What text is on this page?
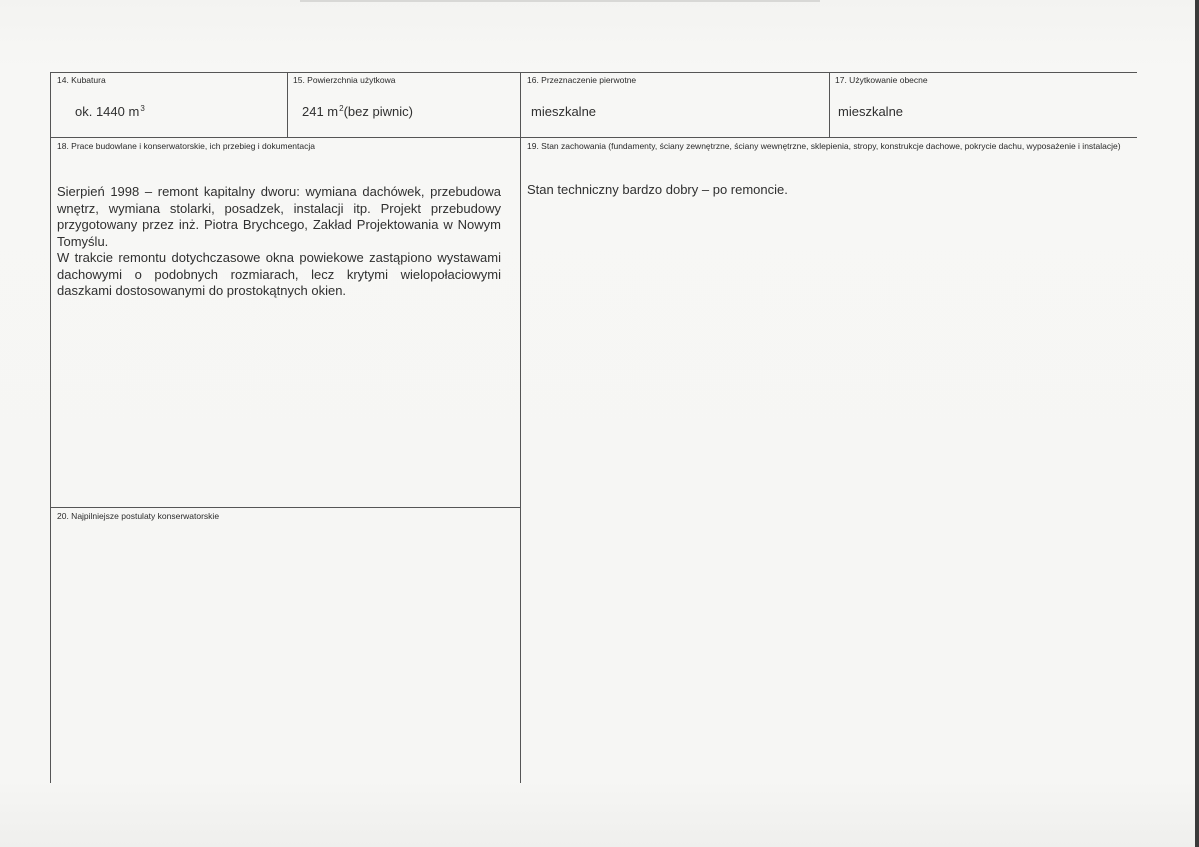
14. Kubatura
ok. 1440 $m^3$
15. Powierzchnia użytkowa
241 $m^2(bez$ piwnic)
16. Przeznaczenie pierwotne
mieszkalne
17. Użytkowanie obecne
mieszkalne
18. Prace budowlane i konserwatorskie, ich przebieg i dokumentacja

Sierpień 1998 – remont kapitalny dworu: wymiana dachówek, przebudowa wnętrz, wymiana stolarki, posadzek, instalacji itp. Projekt przebudowy przygotowany przez inż. Piotra Brychcego, Zakład Projektowania w Nowym Tomyślu.

W trakcie remontu dotychczasowe okna powiekowe zastąpiono wystawami dachowymi o podobnych rozmiarach, lecz krytymi wielopołaciowymi daszkami dostosowanymi do prostokątnych okien.

19. Stan zachowania (fundamenty, ściany zewnętrzne, ściany wewnętrzne, sklepienia, stropy, konstrukcje dachowe, pokrycie dachu, wyposażenie i instalacje)
Stan techniczny bardzo dobry – po remoncie.
20. Najpilniejsze postulaty konserwatorskie
